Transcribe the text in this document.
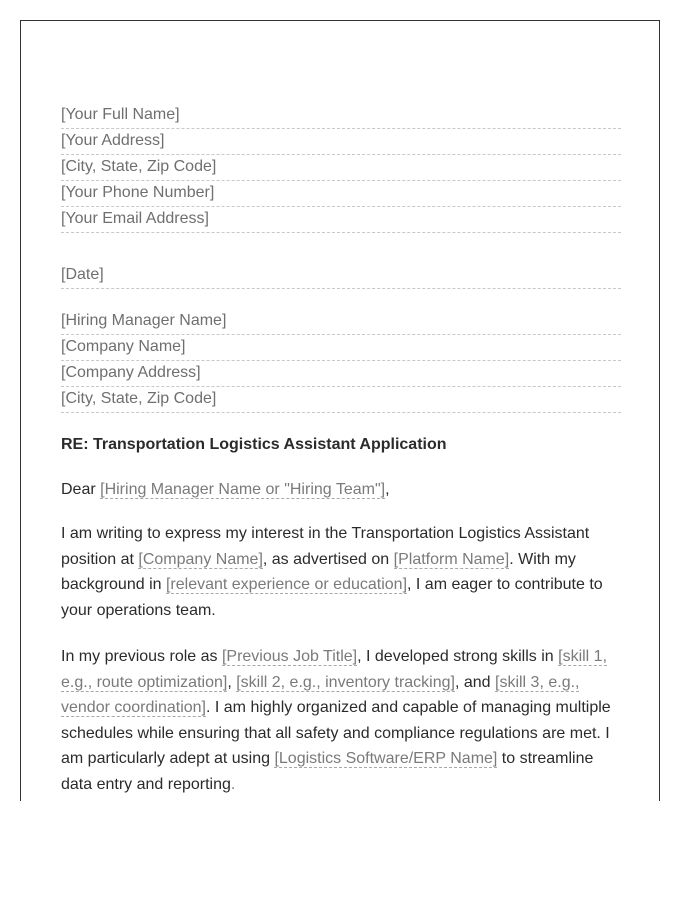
[Your Full Name]
[Your Address]
[City, State, Zip Code]
[Your Phone Number]
[Your Email Address]
[Date]
[Hiring Manager Name]
[Company Name]
[Company Address]
[City, State, Zip Code]
RE: Transportation Logistics Assistant Application
Dear [Hiring Manager Name or "Hiring Team"],
I am writing to express my interest in the Transportation Logistics Assistant position at [Company Name], as advertised on [Platform Name]. With my background in [relevant experience or education], I am eager to contribute to your operations team.
In my previous role as [Previous Job Title], I developed strong skills in [skill 1, e.g., route optimization], [skill 2, e.g., inventory tracking], and [skill 3, e.g., vendor coordination]. I am highly organized and capable of managing multiple schedules while ensuring that all safety and compliance regulations are met. I am particularly adept at using [Logistics Software/ERP Name] to streamline data entry and reporting.
